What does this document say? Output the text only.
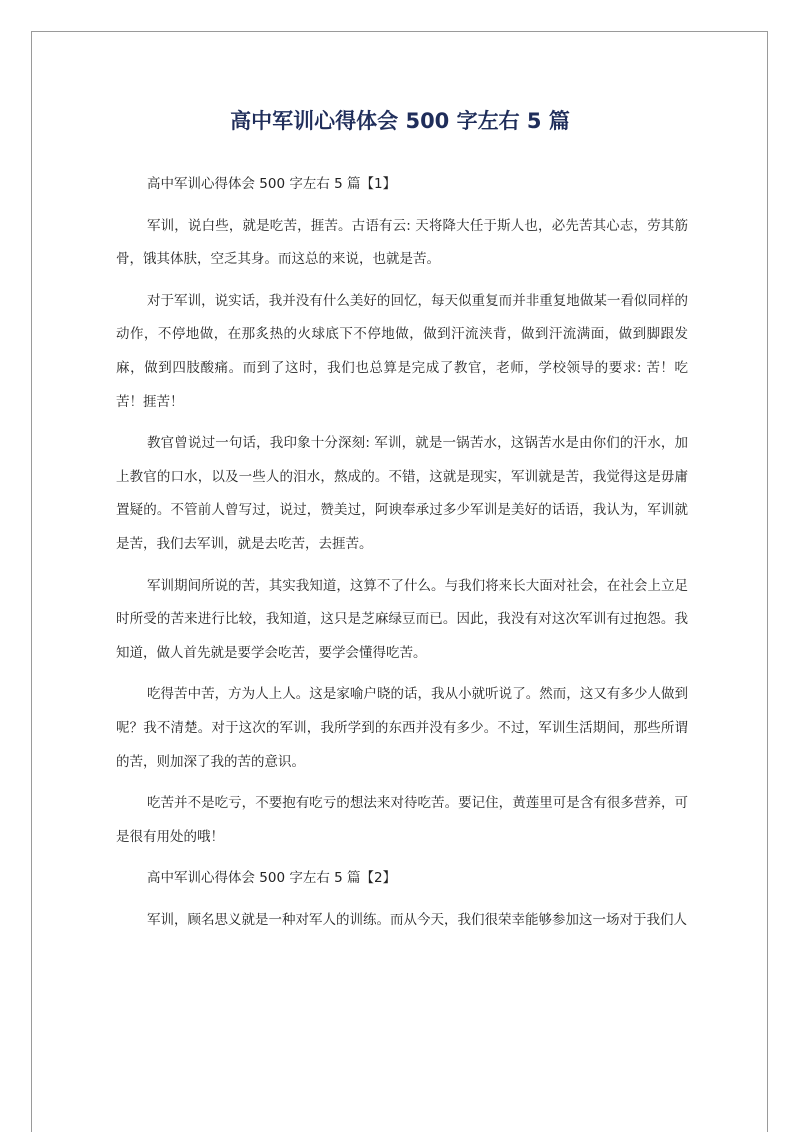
高中军训心得体会 500 字左右 5 篇

高中军训心得体会 500 字左右 5 篇【1】

军训，说白些，就是吃苦，捱苦。古语有云: 天将降大任于斯人也，必先苦其心志，劳其筋骨，饿其体肤，空乏其身。而这总的来说，也就是苦。

对于军训，说实话，我并没有什么美好的回忆，每天似重复而并非重复地做某一看似同样的动作，不停地做，在那炙热的火球底下不停地做，做到汗流浃背，做到汗流满面，做到脚跟发麻，做到四肢酸痛。而到了这时，我们也总算是完成了教官，老师，学校领导的要求: 苦！吃苦！捱苦！

教官曾说过一句话，我印象十分深刻: 军训，就是一锅苦水，这锅苦水是由你们的汗水，加上教官的口水，以及一些人的泪水，熬成的。不错，这就是现实，军训就是苦，我觉得这是毋庸置疑的。不管前人曾写过，说过，赞美过，阿谀奉承过多少军训是美好的话语，我认为，军训就是苦，我们去军训，就是去吃苦，去捱苦。

军训期间所说的苦，其实我知道，这算不了什么。与我们将来长大面对社会，在社会上立足时所受的苦来进行比较，我知道，这只是芝麻绿豆而已。因此，我没有对这次军训有过抱怨。我知道，做人首先就是要学会吃苦，要学会懂得吃苦。

吃得苦中苦，方为人上人。这是家喻户晓的话，我从小就听说了。然而，这又有多少人做到呢？我不清楚。对于这次的军训，我所学到的东西并没有多少。不过，军训生活期间，那些所谓的苦，则加深了我的苦的意识。

吃苦并不是吃亏，不要抱有吃亏的想法来对待吃苦。要记住，黄莲里可是含有很多营养，可是很有用处的哦！

高中军训心得体会 500 字左右 5 篇【2】

军训，顾名思义就是一种对军人的训练。而从今天，我们很荣幸能够参加这一场对于我们人
